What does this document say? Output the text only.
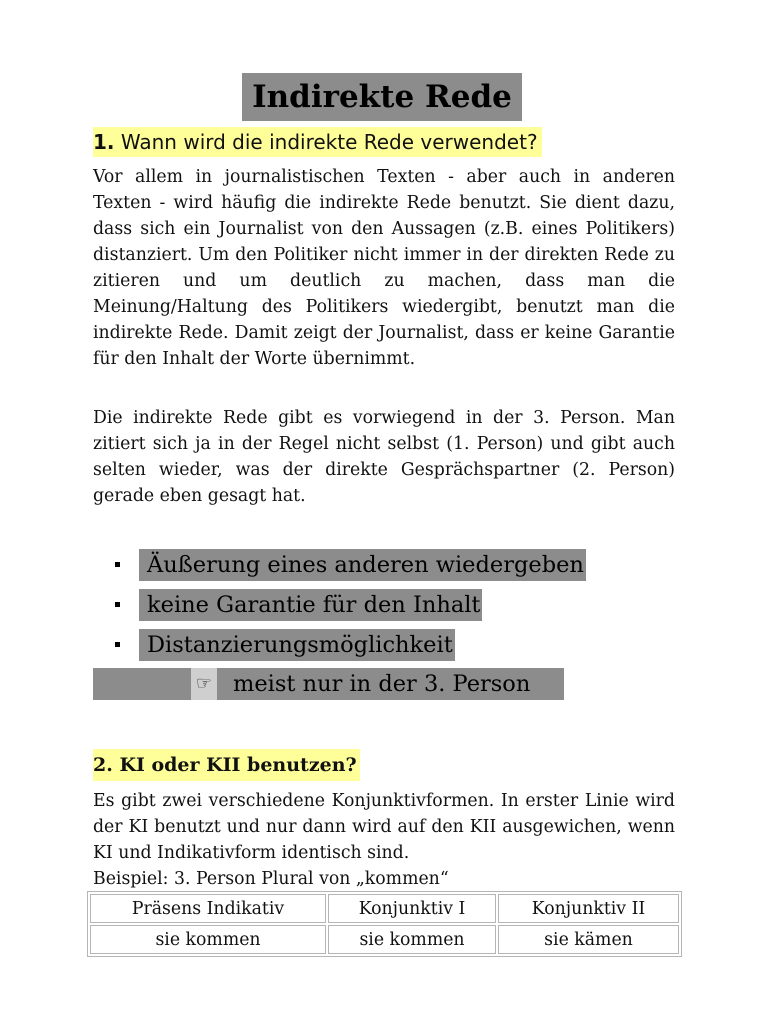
Indirekte Rede
1. Wann wird die indirekte Rede verwendet?

Vor allem in journalistischen Texten - aber auch in anderen Texten - wird häufig die indirekte Rede benutzt. Sie dient dazu, dass sich ein Journalist von den Aussagen (z.B. eines Politikers) distanziert. Um den Politiker nicht immer in der direkten Rede zu zitieren und um deutlich zu machen, dass man die Meinung/Haltung des Politikers wiedergibt, benutzt man die indirekte Rede. Damit zeigt der Journalist, dass er keine Garantie für den Inhalt der Worte übernimmt.

Die indirekte Rede gibt es vorwiegend in der 3. Person. Man zitiert sich ja in der Regel nicht selbst (1. Person) und gibt auch selten wieder, was der direkte Gesprächspartner (2. Person) gerade eben gesagt hat.

Äußerung eines anderen wiedergeben
keine Garantie für den Inhalt
Distanzierungsmöglichkeit
☞ meist nur in der 3. Person
2. KI oder KII benutzen?
Es gibt zwei verschiedene Konjunktivformen. In erster Linie wird der KI benutzt und nur dann wird auf den KII ausgewichen, wenn KI und Indikativform identisch sind.
Beispiel: 3. Person Plural von „kommen“
Präsens Indikativ	Konjunktiv I	Konjunktiv II
sie kommen	sie kommen	sie kämen
